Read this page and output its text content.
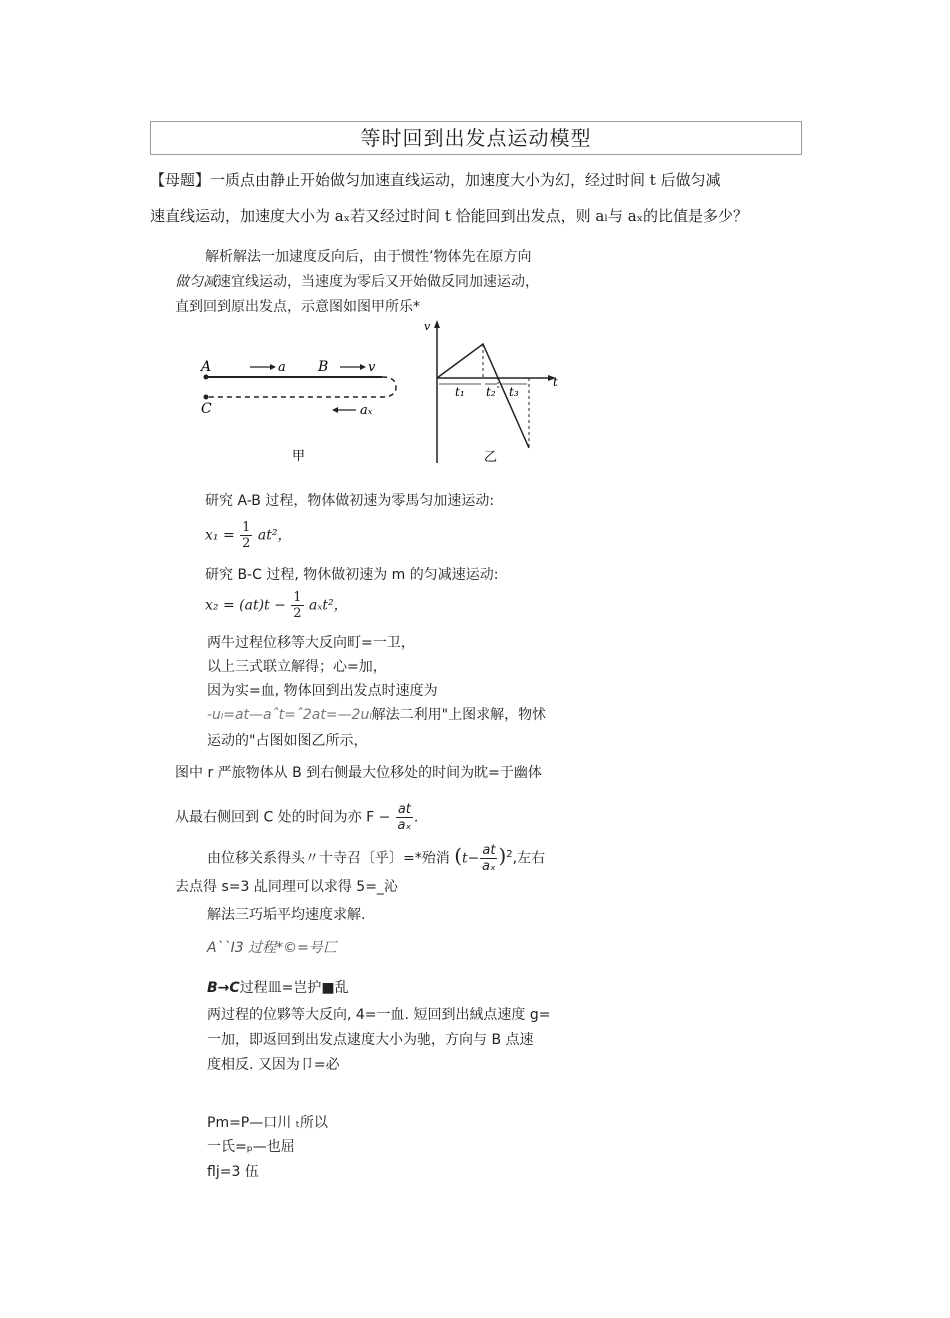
等时回到出发点运动模型
【母题】一质点由静止开始做匀加速直线运动，加速度大小为幻，经过时间 t 后做匀减
速直线运动，加速度大小为 aₓ若又经过时间 t 恰能回到出发点，则 aₗ与 aₓ的比值是多少？
解析解法一加逮度反向后，由于惯性’物体先在原方向
做匀减速宜线运动，当速度为零后又开始做反同加速运动，
直到回到原出发点，示意图如图甲所乐*
A
C
B
a	v
aₓ
甲
v
t
t₁ t₂ t₃
乙
研究 A-B 过程，物体做初速为零馬匀加速运动:
$x_1 = \frac{1}{2} at^2$，
研究 B-C 过程, 物休做初速为 m 的匀减速运动:
$x_2 = (at)t - \frac{1}{2} a_xt^2$，
两牛过程位移等大反向町=一卫，
以上三式联立解得；心=加，
因为实=血, 物体回到出发点时速度为
-uₗ=at—aˆt=ˆ2at=—2uₗ解法二利用"上图求解，物怵
运动的"占图如图乙所示，
图中 r 严旅物体从 B 到右侧最大位移处的时间为眈=于幽体
从最右侧回到 C 处的时间为亦 $F - \frac{at}{\text{aₓ}}$ .
由位移关系得头〃十寺召〔乎〕=*殆消 $(t- \frac{at}{\text{aₓ}} )^2$,左右
去点得 s=3 乩同理可以求得 5=_沁
解法三巧垢平均速度求解.
AˋˋI3 过程*©=号匸
B→C过程皿=岂护■乱
两过程的位夥等大反向, 4=一血. 短回到出絨点速度 g=
一加，即返回到出发点逮度大小为驰，方向与 B 点速
度相反. 又因为卩=必
Pm=P—口川 ₜ所以
一氏=ₚ—也屈
flj=3 伍
